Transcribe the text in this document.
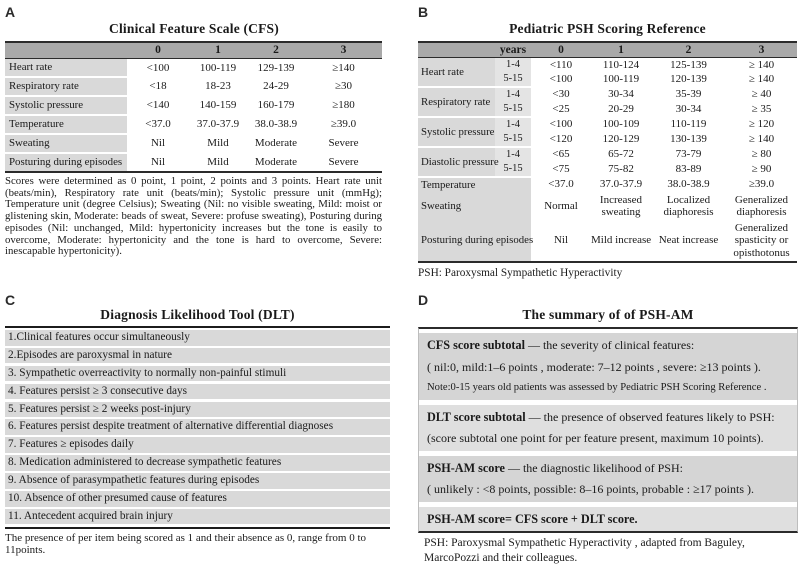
A
Clinical Feature Scale (CFS)
	0	1	2	3
Heart rate	<100	100-119	129-139	≥140
Respiratory rate	<18	18-23	24-29	≥30
Systolic pressure	<140	140-159	160-179	≥180
Temperature	<37.0	37.0-37.9	38.0-38.9	≥39.0
Sweating	Nil	Mild	Moderate	Severe
Posturing during episodes	Nil	Mild	Moderate	Severe
Scores were determined as 0 point, 1 point, 2 points and 3 points. Heart rate unit (beats/min), Respiratory rate unit (beats/min); Systolic pressure unit (mmHg); Temperature unit (degree Celsius); Sweating (Nil: no visible sweating, Mild: moist or glistening skin, Moderate: beads of sweat, Severe: profuse sweating), Posturing during episodes (Nil: unchanged, Mild: hypertonicity increases but the tone is easily to overcome, Moderate: hypertonicity and the tone is hard to overcome, Severe: inescapable hypertonicity).
B
Pediatric PSH Scoring Reference
	years	0	1	2	3
Heart rate	1-4	<110	110-124	125-139	≥ 140
	5-15	<100	100-119	120-139	≥ 140
Respiratory rate	1-4	<30	30-34	35-39	≥ 40
	5-15	<25	20-29	30-34	≥ 35
Systolic pressure	1-4	<100	100-109	110-119	≥ 120
	5-15	<120	120-129	130-139	≥ 140
Diastolic pressure	1-4	<65	65-72	73-79	≥ 80
	5-15	<75	75-82	83-89	≥ 90
Temperature		<37.0	37.0-37.9	38.0-38.9	≥39.0
Sweating		Normal	Increased sweating	Localized diaphoresis	Generalized diaphoresis
Posturing during episodes		Nil	Mild increase	Neat increase	Generalized spasticity or opisthotonus
PSH: Paroxysmal Sympathetic Hyperactivity
C
Diagnosis Likelihood Tool (DLT)
1.Clinical features occur simultaneously
2.Episodes are paroxysmal in nature
3. Sympathetic overreactivity to normally non-painful stimuli
4. Features persist ≥ 3 consecutive days
5. Features persist ≥ 2 weeks post-injury
6. Features persist despite treatment of alternative differential diagnoses
7. Features ≥ episodes daily
8. Medication administered to decrease sympathetic features
9. Absence of parasympathetic features during episodes
10. Absence of other presumed cause of features
11. Antecedent acquired brain injury
The presence of per item being scored as 1 and their absence as 0, range from 0 to 11points.
D
The summary of of PSH-AM

CFS score subtotal — the severity of clinical features:

( nil:0, mild:1–6 points , moderate: 7–12 points , severe: ≥13 points ).

Note:0-15 years old patients was assessed by Pediatric PSH Scoring Reference .

DLT score subtotal — the presence of observed features likely to PSH:

(score subtotal one point for per feature present, maximum 10 points).

PSH-AM score — the diagnostic likelihood of PSH:

( unlikely : <8 points, possible: 8–16 points, probable : ≥17 points ).

PSH-AM score= CFS score + DLT score.

PSH: Paroxysmal Sympathetic Hyperactivity , adapted from Baguley, MarcoPozzi and their colleagues.
